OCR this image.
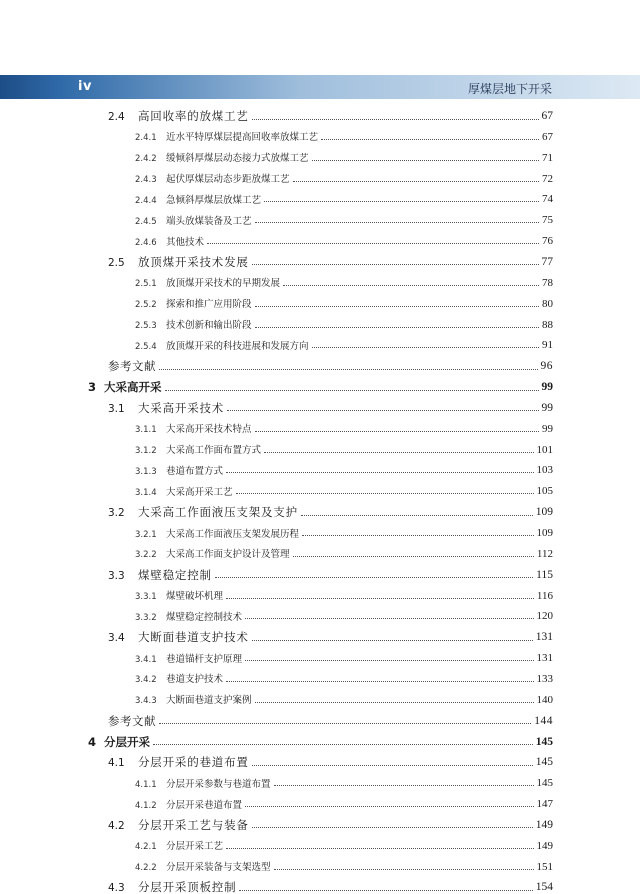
iv	厚煤层地下开采
2.4	高回收率的放煤工艺	67
2.4.1 近水平特厚煤层提高回收率放煤工艺	67
2.4.2 缓倾斜厚煤层动态接力式放煤工艺	71
2.4.3 起伏厚煤层动态步距放煤工艺	72
2.4.4 急倾斜厚煤层放煤工艺	74
2.4.5 端头放煤装备及工艺	75
2.4.6 其他技术	76
2.5	放顶煤开采技术发展	77
2.5.1 放顶煤开采技术的早期发展	78
2.5.2 探索和推广应用阶段	80
2.5.3 技术创新和输出阶段	88
2.5.4 放顶煤开采的科技进展和发展方向	91
参考文献	96
3 大采高开采	99
3.1	大采高开采技术	99
3.1.1 大采高开采技术特点	99
3.1.2 大采高工作面布置方式	101
3.1.3 巷道布置方式	103
3.1.4 大采高开采工艺	105
3.2	大采高工作面液压支架及支护	109
3.2.1 大采高工作面液压支架发展历程	109
3.2.2 大采高工作面支护设计及管理	112
3.3	煤壁稳定控制	115
3.3.1 煤壁破坏机理	116
3.3.2 煤壁稳定控制技术	120
3.4	大断面巷道支护技术	131
3.4.1 巷道锚杆支护原理	131
3.4.2 巷道支护技术	133
3.4.3 大断面巷道支护案例	140
参考文献	144
4 分层开采	145
4.1	分层开采的巷道布置	145
4.1.1 分层开采参数与巷道布置	145
4.1.2 分层开采巷道布置	147
4.2	分层开采工艺与装备	149
4.2.1 分层开采工艺	149
4.2.2 分层开采装备与支架选型	151
4.3	分层开采顶板控制	154
